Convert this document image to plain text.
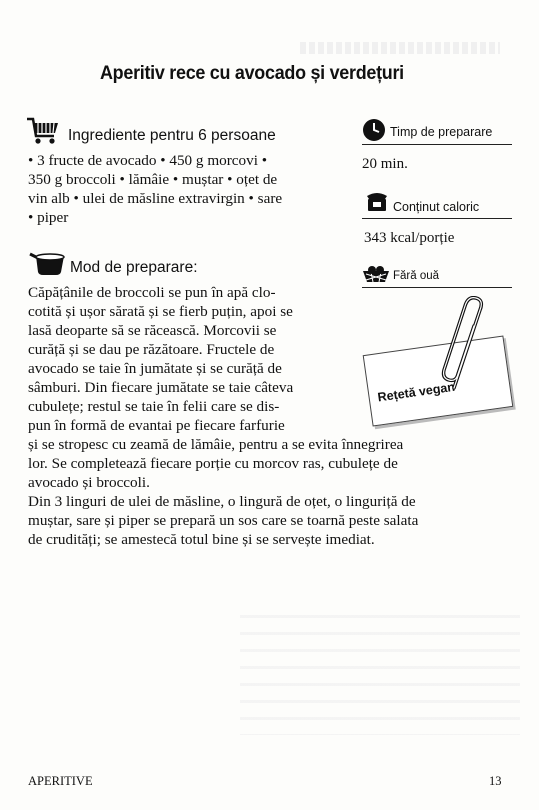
Aperitiv rece cu avocado și verdețuri
Ingrediente pentru 6 persoane
• 3 fructe de avocado • 450 g morcovi •
350 g broccoli • lămâie • muștar • oțet de
vin alb • ulei de măsline extravirgin • sare
• piper
Mod de preparare:
Căpățânile de broccoli se pun în apă clo-
cotită și ușor sărată și se fierb puțin, apoi se
lasă deoparte să se răcească. Morcovii se
curăță și se dau pe răzătoare. Fructele de
avocado se taie în jumătate și se curăță de
sâmburi. Din fiecare jumătate se taie câteva
cubulețe; restul se taie în felii care se dis-
pun în formă de evantai pe fiecare farfurie
și se stropesc cu zeamă de lămâie, pentru a se evita înnegrirea
lor. Se completează fiecare porție cu morcov ras, cubulețe de
avocado și broccoli.
Din 3 linguri de ulei de măsline, o lingură de oțet, o linguriță de
muștar, sare și piper se prepară un sos care se toarnă peste salata
de crudități; se amestecă totul bine și se servește imediat.
Timp de preparare
20 min.
Conținut caloric
343 kcal/porție
Fără ouă
Rețetă vegan
APERITIVE	13
